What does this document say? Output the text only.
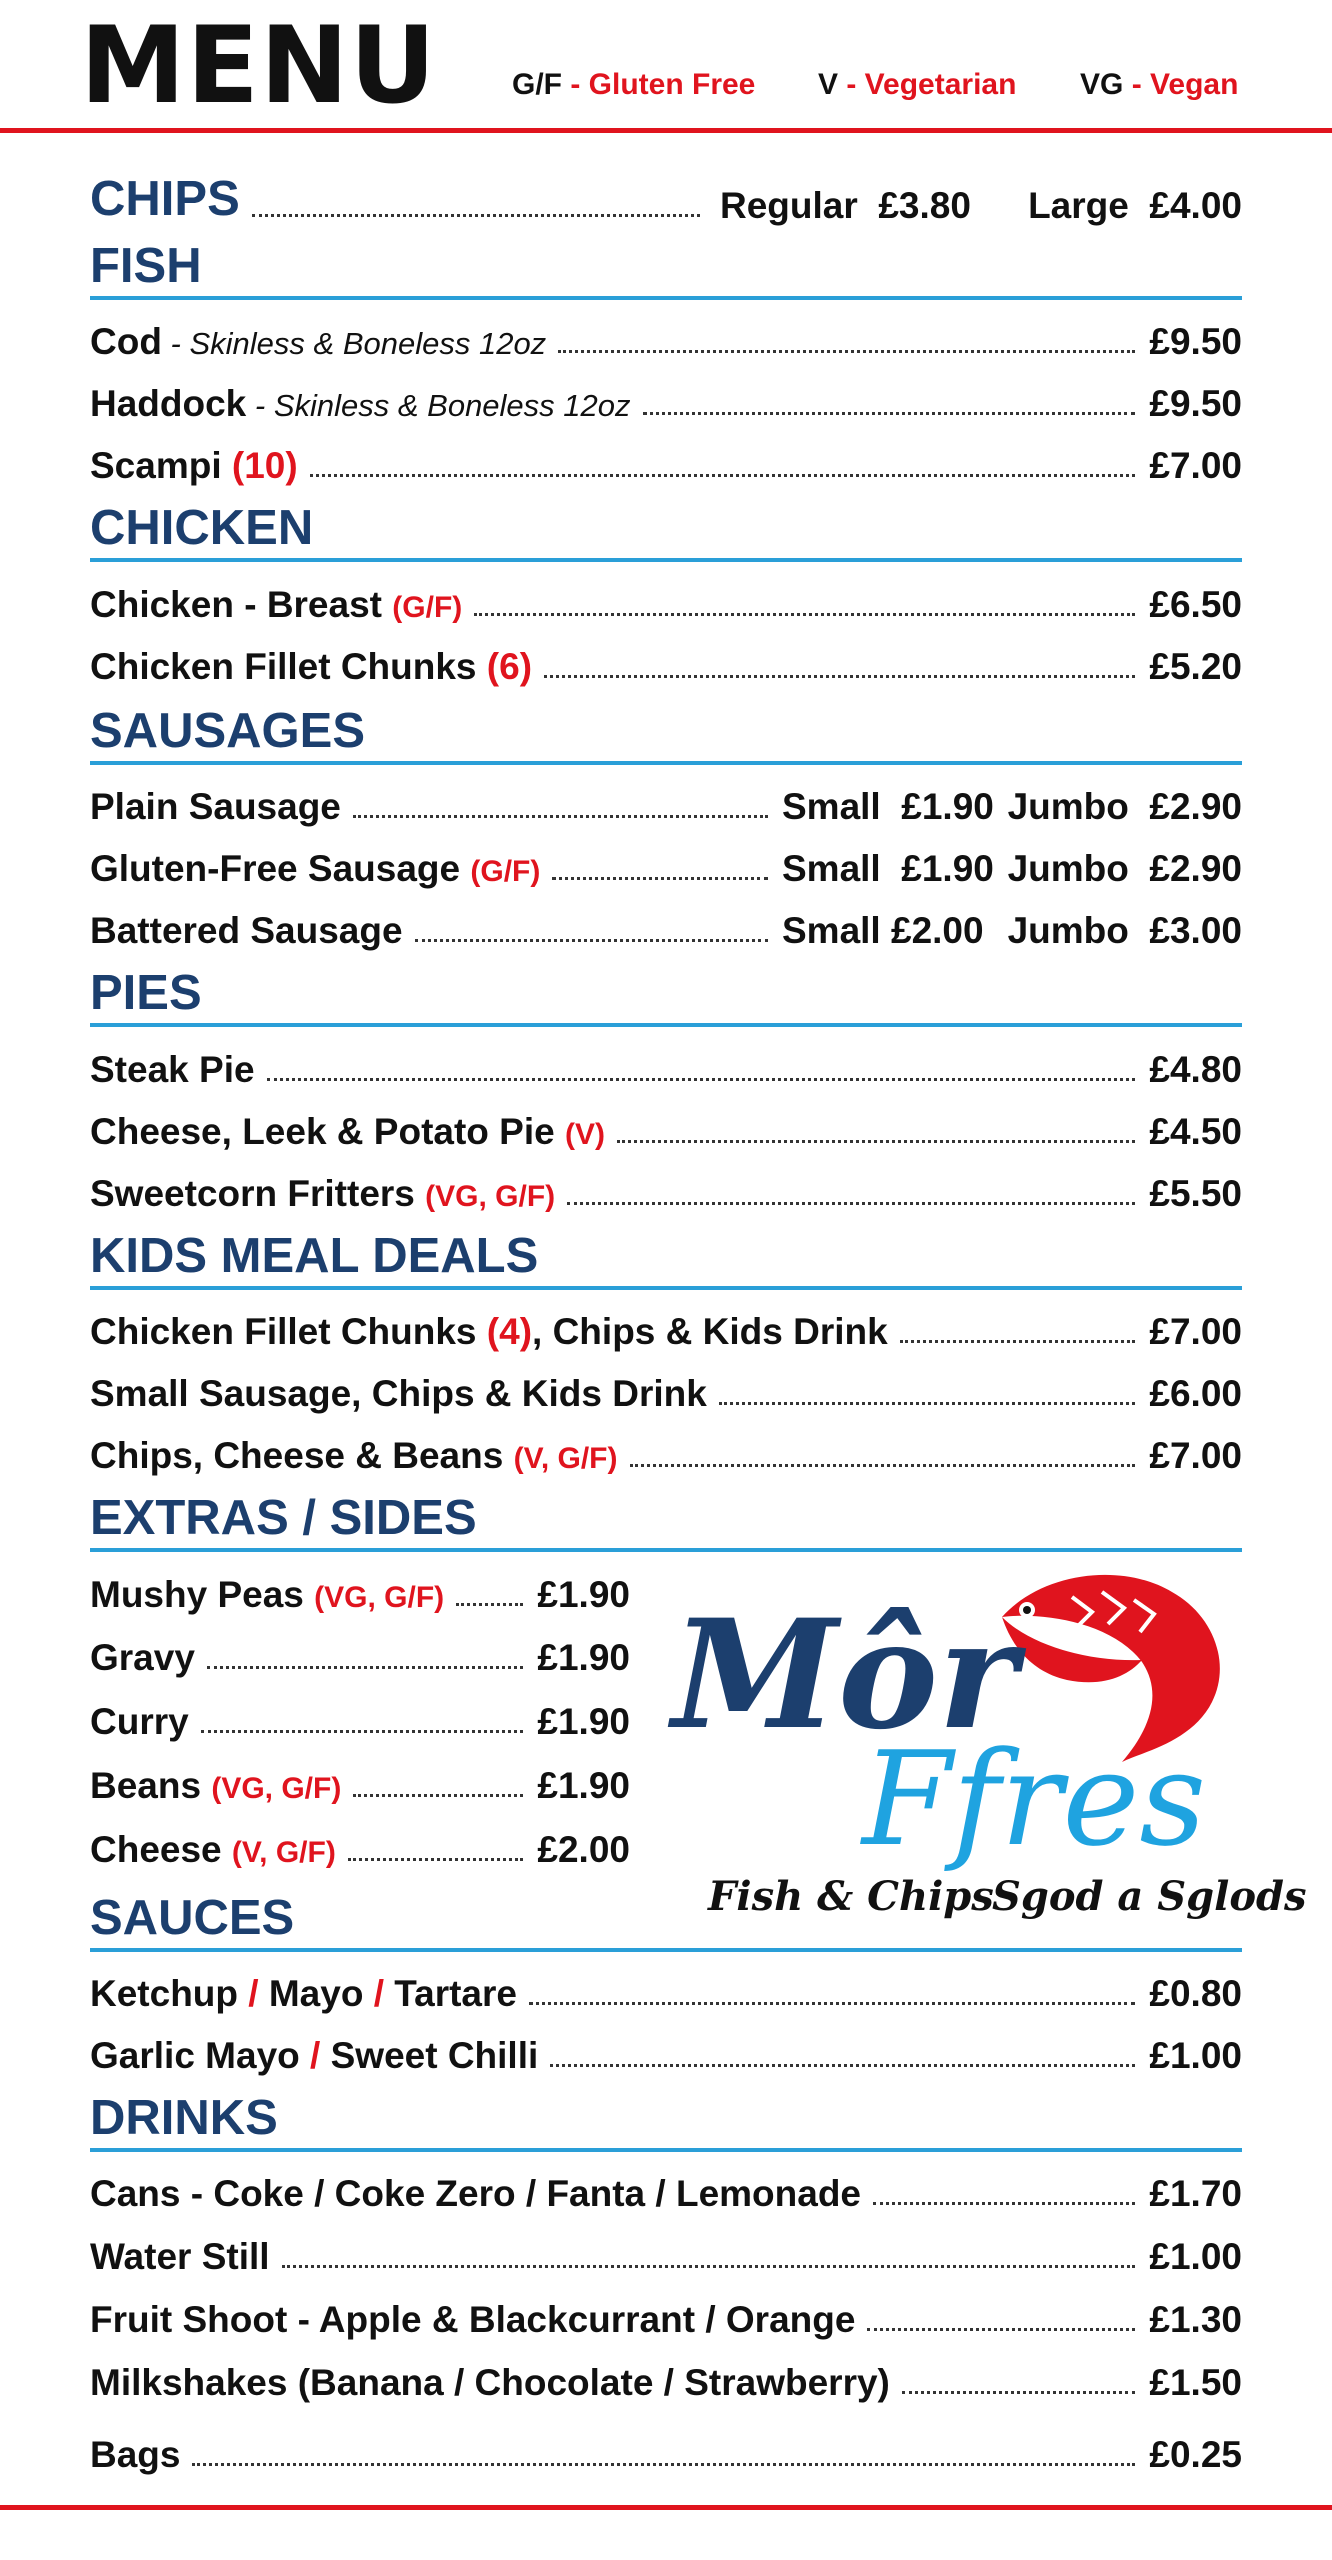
MENU	G/F - Gluten Free V - Vegetarian VG - Vegan
CHIPS	Regular £3.80	Large £4.00
FISH
Cod - Skinless & Boneless 12oz	£9.50
Haddock - Skinless & Boneless 12oz	£9.50
Scampi (10)	£7.00
CHICKEN
Chicken - Breast (G/F)	£6.50
Chicken Fillet Chunks (6)	£5.20
SAUSAGES
Plain Sausage	Small £1.90 Jumbo £2.90
Gluten-Free Sausage (G/F)	Small £1.90 Jumbo £2.90
Battered Sausage	Small £2.00 Jumbo £3.00
PIES
Steak Pie	£4.80
Cheese, Leek & Potato Pie (V)	£4.50
Sweetcorn Fritters (VG, G/F)	£5.50
KIDS MEAL DEALS
Chicken Fillet Chunks (4), Chips & Kids Drink	£7.00
Small Sausage, Chips & Kids Drink	£6.00
Chips, Cheese & Beans (V, G/F)	£7.00
EXTRAS / SIDES
Mushy Peas (VG, G/F)	£1.90
Gravy	£1.90
Curry	£1.90
Beans (VG, G/F)	£1.90
Cheese (V, G/F)	£2.00
Môr
Ffres
Fish & Chips
Sgod a Sglods
SAUCES
Ketchup / Mayo / Tartare	£0.80
Garlic Mayo / Sweet Chilli	£1.00
DRINKS
Cans - Coke / Coke Zero / Fanta / Lemonade	£1.70
Water Still	£1.00
Fruit Shoot - Apple & Blackcurrant / Orange	£1.30
Milkshakes (Banana / Chocolate / Strawberry)	£1.50
Bags	£0.25
